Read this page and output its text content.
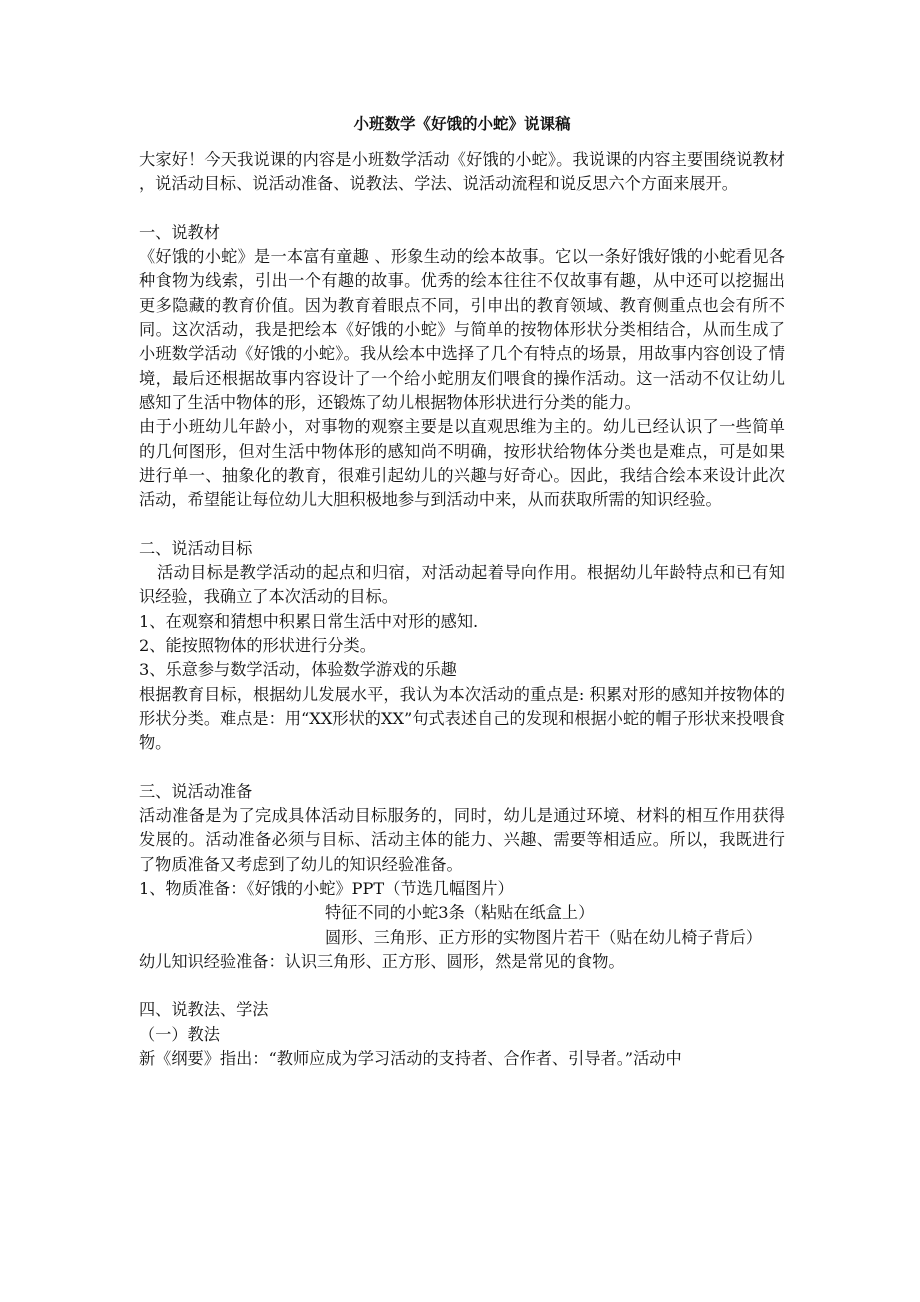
小班数学《好饿的小蛇》说课稿

大家好！今天我说课的内容是小班数学活动《好饿的小蛇》。我说课的内容主要围绕说教材，说活动目标、说活动准备、说教法、学法、说活动流程和说反思六个方面来展开。

一、说教材

《好饿的小蛇》是一本富有童趣 、形象生动的绘本故事。它以一条好饿好饿的小蛇看见各种食物为线索，引出一个有趣的故事。优秀的绘本往往不仅故事有趣，从中还可以挖掘出更多隐藏的教育价值。因为教育着眼点不同，引申出的教育领域、教育侧重点也会有所不同。这次活动，我是把绘本《好饿的小蛇》与简单的按物体形状分类相结合，从而生成了小班数学活动《好饿的小蛇》。我从绘本中选择了几个有特点的场景，用故事内容创设了情境，最后还根据故事内容设计了一个给小蛇朋友们喂食的操作活动。这一活动不仅让幼儿感知了生活中物体的形，还锻炼了幼儿根据物体形状进行分类的能力。

由于小班幼儿年龄小，对事物的观察主要是以直观思维为主的。幼儿已经认识了一些简单的几何图形，但对生活中物体形的感知尚不明确，按形状给物体分类也是难点，可是如果进行单一、抽象化的教育，很难引起幼儿的兴趣与好奇心。因此，我结合绘本来设计此次活动，希望能让每位幼儿大胆积极地参与到活动中来，从而获取所需的知识经验。

二、说活动目标

活动目标是教学活动的起点和归宿，对活动起着导向作用。根据幼儿年龄特点和已有知识经验，我确立了本次活动的目标。

1、在观察和猜想中积累日常生活中对形的感知.

2、能按照物体的形状进行分类。

3、乐意参与数学活动，体验数学游戏的乐趣

根据教育目标，根据幼儿发展水平，我认为本次活动的重点是: 积累对形的感知并按物体的形状分类。难点是：用“XX形状的XX”句式表述自己的发现和根据小蛇的帽子形状来投喂食物。

三、说活动准备

活动准备是为了完成具体活动目标服务的，同时，幼儿是通过环境、材料的相互作用获得发展的。活动准备必须与目标、活动主体的能力、兴趣、需要等相适应。所以，我既进行了物质准备又考虑到了幼儿的知识经验准备。

1、物质准备：《好饿的小蛇》PPT（节选几幅图片）

特征不同的小蛇3条（粘贴在纸盒上）

圆形、三角形、正方形的实物图片若干（贴在幼儿椅子背后）

幼儿知识经验准备：认识三角形、正方形、圆形，然是常见的食物。

四、说教法、学法

（一）教法

新《纲要》指出：“教师应成为学习活动的支持者、合作者、引导者。”活动中
